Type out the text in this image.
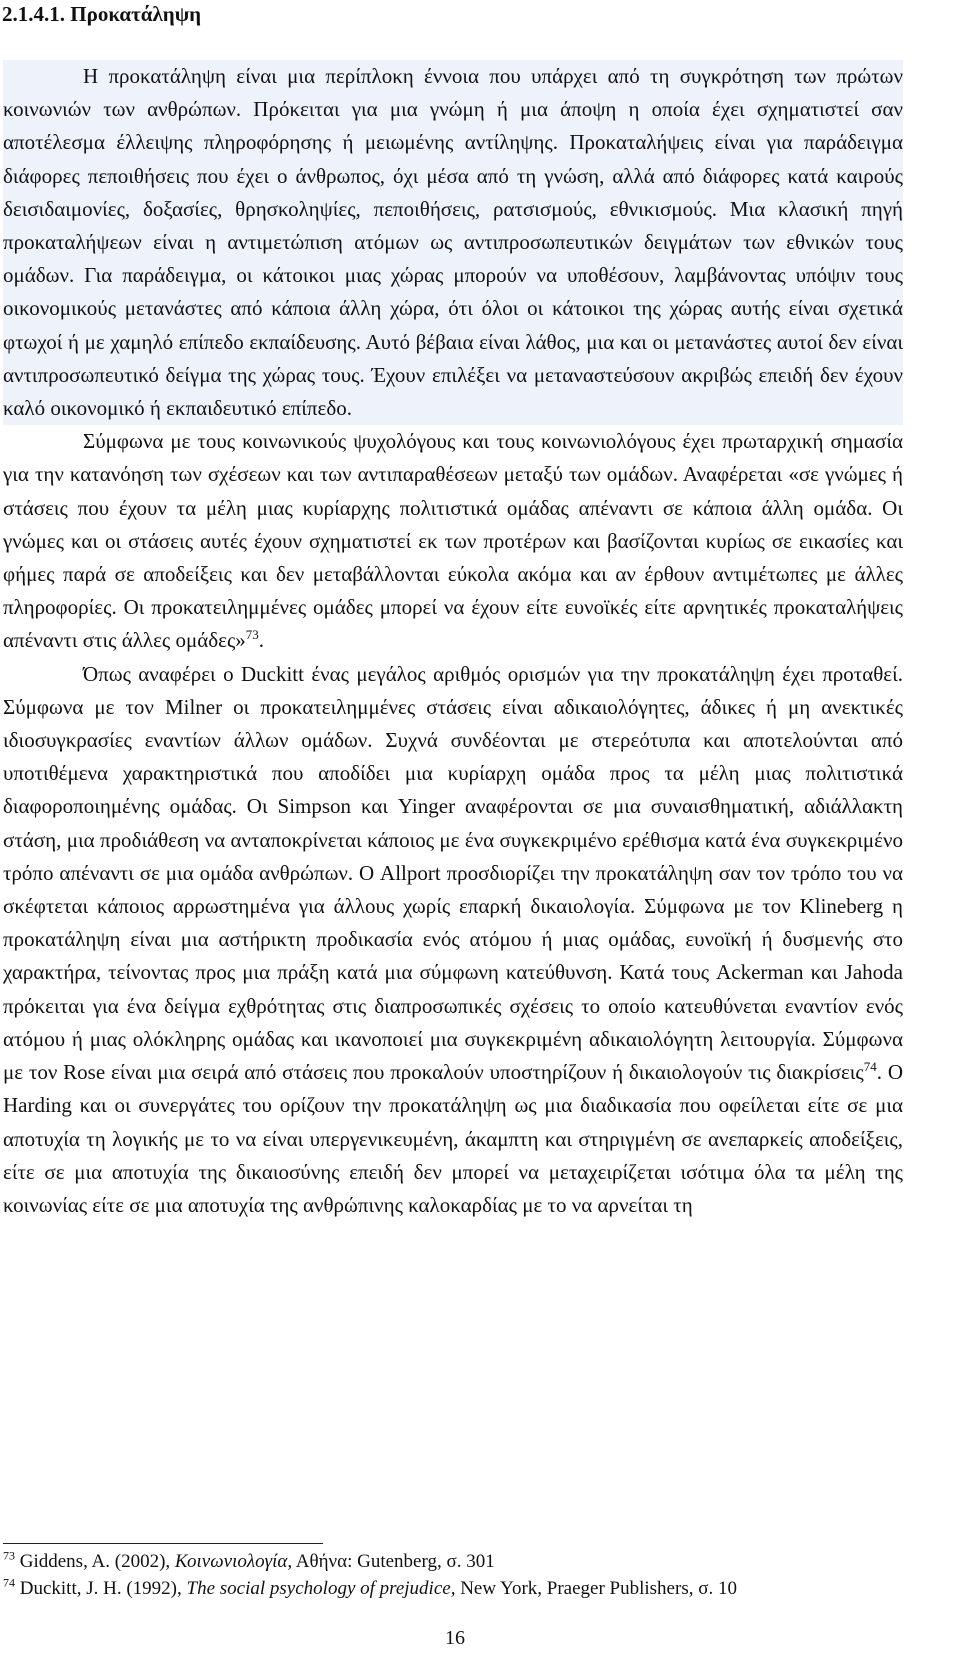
2.1.4.1. Προκατάληψη

Η προκατάληψη είναι μια περίπλοκη έννοια που υπάρχει από τη συγκρότηση των πρώτων κοινωνιών των ανθρώπων. Πρόκειται για μια γνώμη ή μια άποψη η οποία έχει σχηματιστεί σαν αποτέλεσμα έλλειψης πληροφόρησης ή μειωμένης αντίληψης. Προκαταλήψεις είναι για παράδειγμα διάφορες πεποιθήσεις που έχει ο άνθρωπος, όχι μέσα από τη γνώση, αλλά από διάφορες κατά καιρούς δεισιδαιμονίες, δοξασίες, θρησκοληψίες, πεποιθήσεις, ρατσισμούς, εθνικισμούς. Μια κλασική πηγή προκαταλήψεων είναι η αντιμετώπιση ατόμων ως αντιπροσωπευτικών δειγμάτων των εθνικών τους ομάδων. Για παράδειγμα, οι κάτοικοι μιας χώρας μπορούν να υποθέσουν, λαμβάνοντας υπόψιν τους οικονομικούς μετανάστες από κάποια άλλη χώρα, ότι όλοι οι κάτοικοι της χώρας αυτής είναι σχετικά φτωχοί ή με χαμηλό επίπεδο εκπαίδευσης. Αυτό βέβαια είναι λάθος, μια και οι μετανάστες αυτοί δεν είναι αντιπροσωπευτικό δείγμα της χώρας τους. Έχουν επιλέξει να μεταναστεύσουν ακριβώς επειδή δεν έχουν καλό οικονομικό ή εκπαιδευτικό επίπεδο.

Σύμφωνα με τους κοινωνικούς ψυχολόγους και τους κοινωνιολόγους έχει πρωταρχική σημασία για την κατανόηση των σχέσεων και των αντιπαραθέσεων μεταξύ των ομάδων. Αναφέρεται «σε γνώμες ή στάσεις που έχουν τα μέλη μιας κυρίαρχης πολιτιστικά ομάδας απέναντι σε κάποια άλλη ομάδα. Οι γνώμες και οι στάσεις αυτές έχουν σχηματιστεί εκ των προτέρων και βασίζονται κυρίως σε εικασίες και φήμες παρά σε αποδείξεις και δεν μεταβάλλονται εύκολα ακόμα και αν έρθουν αντιμέτωπες με άλλες πληροφορίες. Οι προκατειλημμένες ομάδες μπορεί να έχουν είτε ευνοϊκές είτε αρνητικές προκαταλήψεις απέναντι στις άλλες ομάδες»$^{73}$.

Όπως αναφέρει ο Duckitt ένας μεγάλος αριθμός ορισμών για την προκατάληψη έχει προταθεί. Σύμφωνα με τον Milner οι προκατειλημμένες στάσεις είναι αδικαιολόγητες, άδικες ή μη ανεκτικές ιδιοσυγκρασίες εναντίων άλλων ομάδων. Συχνά συνδέονται με στερεότυπα και αποτελούνται από υποτιθέμενα χαρακτηριστικά που αποδίδει μια κυρίαρχη ομάδα προς τα μέλη μιας πολιτιστικά διαφοροποιημένης ομάδας. Οι Simpson και Yinger αναφέρονται σε μια συναισθηματική, αδιάλλακτη στάση, μια προδιάθεση να ανταποκρίνεται κάποιος με ένα συγκεκριμένο ερέθισμα κατά ένα συγκεκριμένο τρόπο απέναντι σε μια ομάδα ανθρώπων. Ο Allport προσδιορίζει την προκατάληψη σαν τον τρόπο του να σκέφτεται κάποιος αρρωστημένα για άλλους χωρίς επαρκή δικαιολογία. Σύμφωνα με τον Klineberg η προκατάληψη είναι μια αστήρικτη προδικασία ενός ατόμου ή μιας ομάδας, ευνοϊκή ή δυσμενής στο χαρακτήρα, τείνοντας προς μια πράξη κατά μια σύμφωνη κατεύθυνση. Κατά τους Ackerman και Jahoda πρόκειται για ένα δείγμα εχθρότητας στις διαπροσωπικές σχέσεις το οποίο κατευθύνεται εναντίον ενός ατόμου ή μιας ολόκληρης ομάδας και ικανοποιεί μια συγκεκριμένη αδικαιολόγητη λειτουργία. Σύμφωνα με τον Rose είναι μια σειρά από στάσεις που προκαλούν υποστηρίζουν ή δικαιολογούν τις διακρίσεις$^{74}$. Ο Harding και οι συνεργάτες του ορίζουν την προκατάληψη ως μια διαδικασία που οφείλεται είτε σε μια αποτυχία τη λογικής με το να είναι υπεργενικευμένη, άκαμπτη και στηριγμένη σε ανεπαρκείς αποδείξεις, είτε σε μια αποτυχία της δικαιοσύνης επειδή δεν μπορεί να μεταχειρίζεται ισότιμα όλα τα μέλη της κοινωνίας είτε σε μια αποτυχία της ανθρώπινης καλοκαρδίας με το να αρνείται τη

$^{73}$ Giddens, A. (2002), Κοινωνιολογία, Αθήνα: Gutenberg, σ. 301

$^{74}$ Duckitt, J. H. (1992), The social psychology of prejudice, New York, Praeger Publishers, σ. 10

16
